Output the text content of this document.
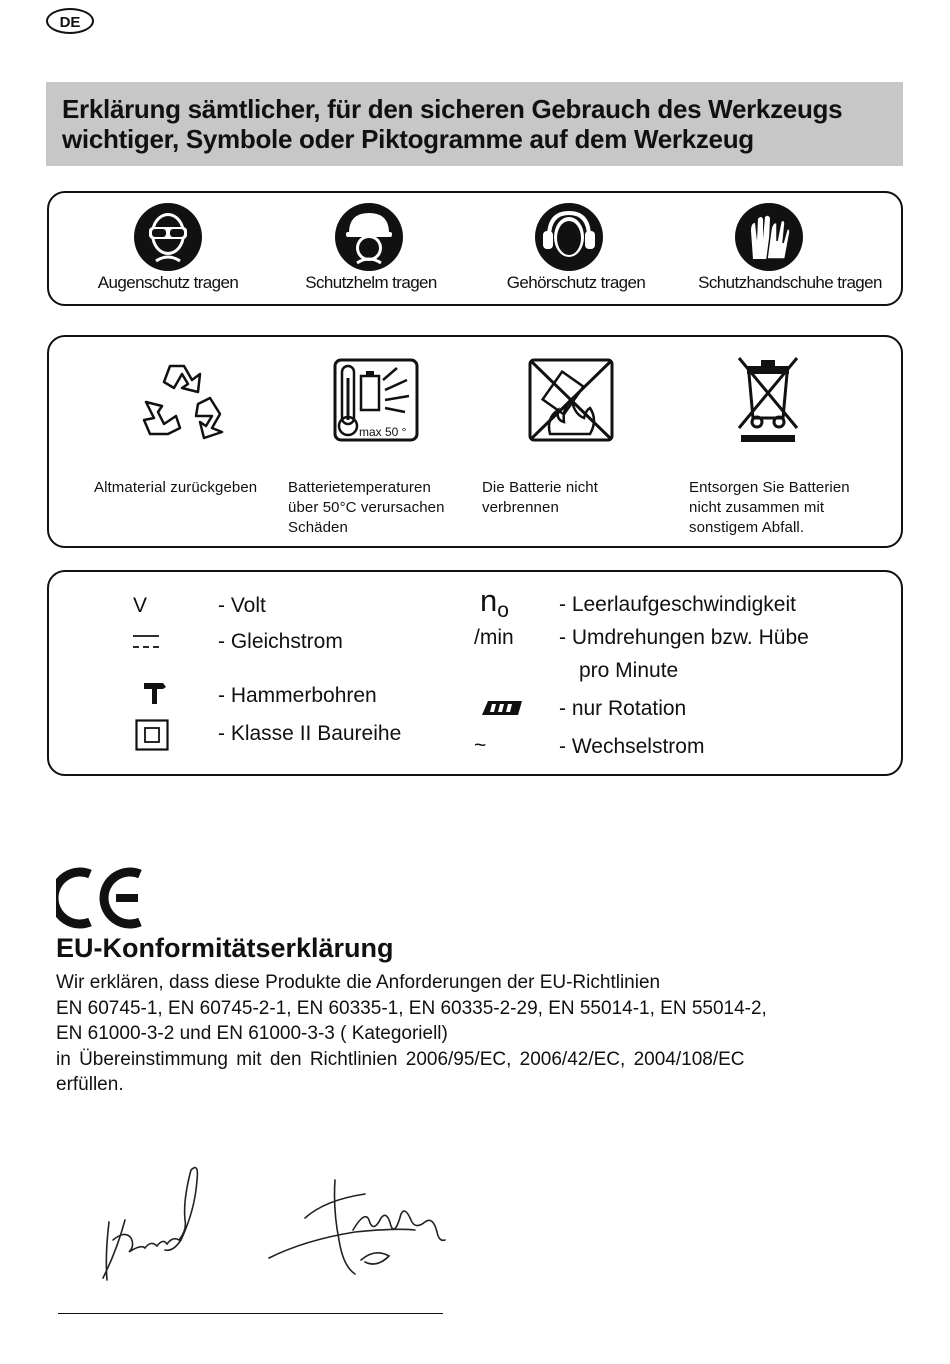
DE
Erklärung sämtlicher, für den sicheren Gebrauch des Werkzeugs
wichtiger, Symbole oder Piktogramme auf dem Werkzeug
Augenschutz tragen	Schutzhelm tragen	Gehörschutz tragen	Schutzhandschuhe tragen
max 50 °
Altmaterial zurückgeben Batterietemperaturen
über 50°C verursachen
Schäden
Die Batterie nicht
verbrennen
Entsorgen Sie Batterien
nicht zusammen mit
sonstigem Abfall.
V	- Volt
- Gleichstrom
- Hammerbohren
- Klasse II Baureihe
no - Leerlaufgeschwindigkeit
/min - Umdrehungen bzw. Hübe
pro Minute
- nur Rotation
~	- Wechselstrom
EU-Konformitätserklärung
Wir erklären, dass diese Produkte die Anforderungen der EU-Richtlinien
EN 60745-1, EN 60745-2-1, EN 60335-1, EN 60335-2-29, EN 55014-1, EN 55014-2,
EN 61000-3-2 und EN 61000-3-3 ( Kategoriell)
in Übereinstimmung mit den Richtlinien 2006/95/EC, 2006/42/EC, 2004/108/EC
erfüllen.
